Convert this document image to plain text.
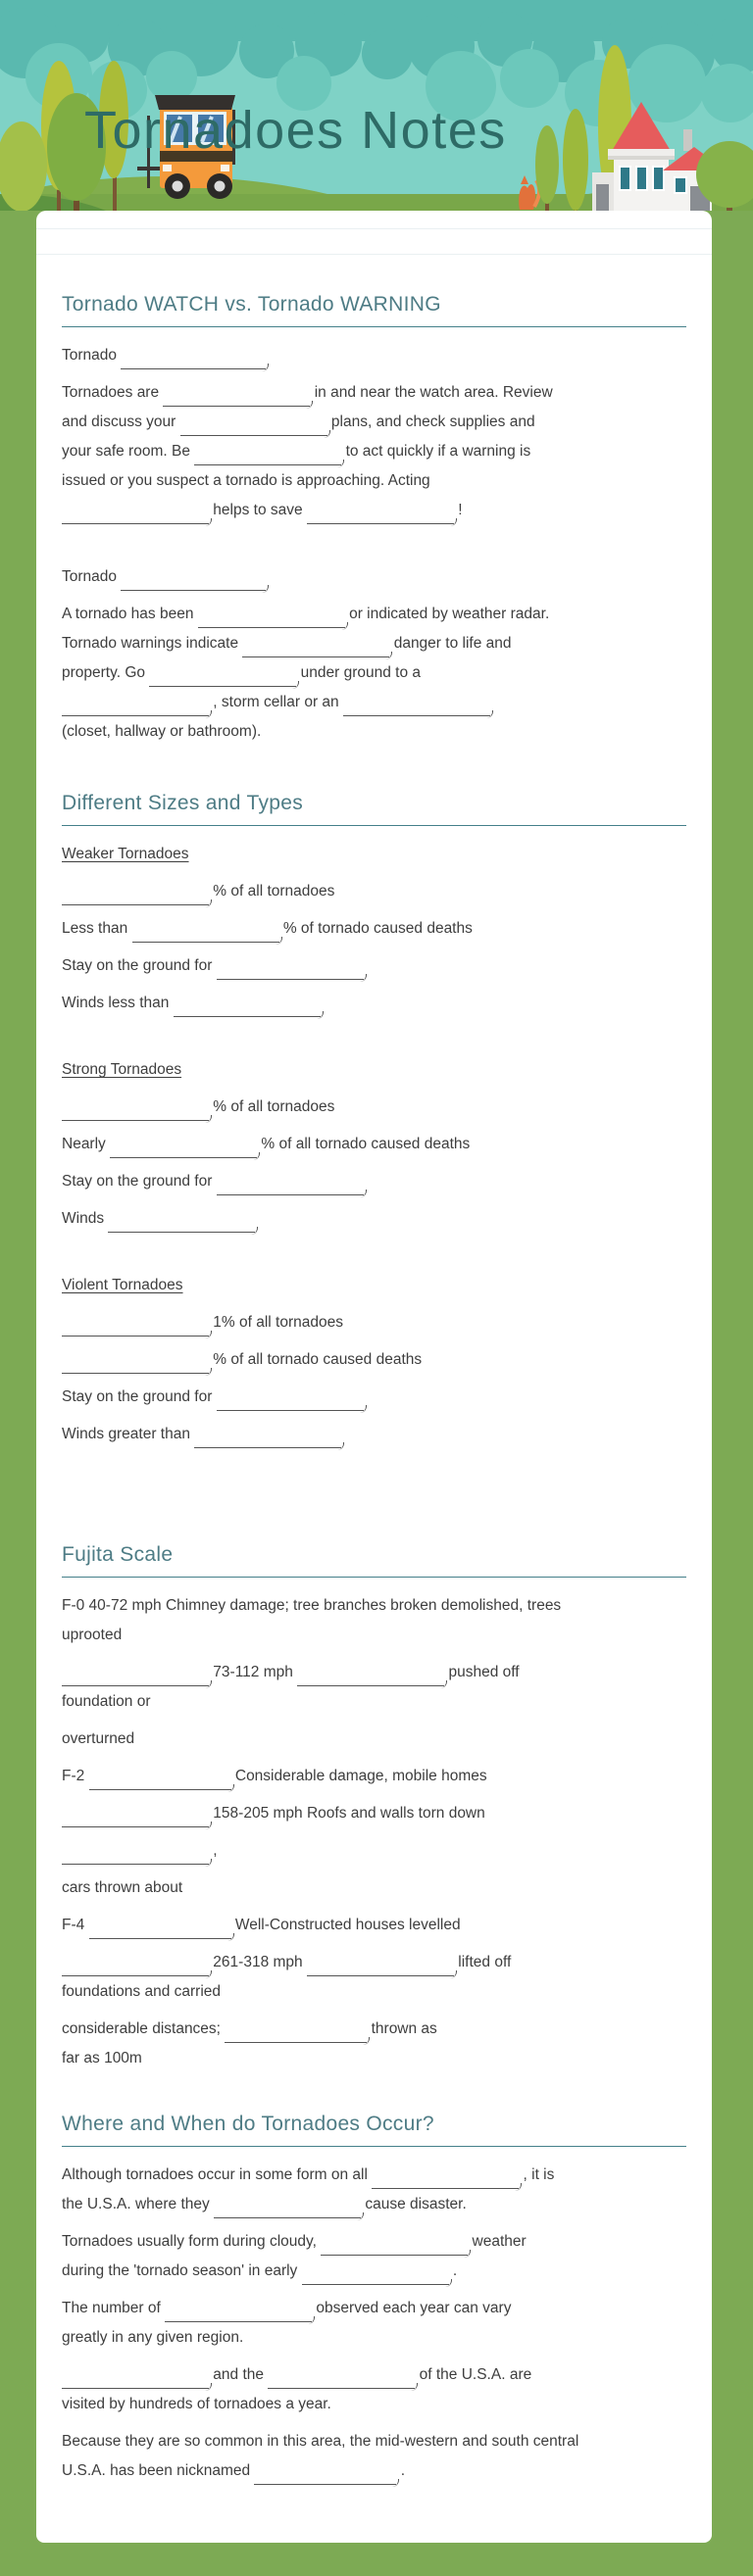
Tornadoes Notes
Tornado WATCH vs. Tornado WARNING
Tornado
Tornadoes are	in and near the watch area. Review
and discuss your	plans, and check supplies and
your safe room. Be	to act quickly if a warning is
issued or you suspect a tornado is approaching. Acting
helps to save	!
Tornado
A tornado has been	or indicated by weather radar.
Tornado warnings indicate	danger to life and
property. Go	under ground to a
, storm cellar or an
(closet, hallway or bathroom).
Different Sizes and Types
Weaker Tornadoes
% of all tornadoes
Less than	% of tornado caused deaths
Stay on the ground for
Winds less than
Strong Tornadoes
% of all tornadoes
Nearly	% of all tornado caused deaths
Stay on the ground for
Winds
Violent Tornadoes
1% of all tornadoes
% of all tornado caused deaths
Stay on the ground for
Winds greater than
Fujita Scale
F-0 40-72 mph Chimney damage; tree branches broken demolished, trees
uprooted
73-112 mph	pushed off
foundation or
overturned
F-2	Considerable damage, mobile homes
158-205 mph Roofs and walls torn down
,
cars thrown about
F-4	Well-Constructed houses levelled
261-318 mph	lifted off
foundations and carried
considerable distances;	thrown as
far as 100m
Where and When do Tornadoes Occur?
Although tornadoes occur in some form on all	, it is
the U.S.A. where they	cause disaster.
Tornadoes usually form during cloudy,	weather
during the 'tornado season' in early	.
The number of	observed each year can vary
greatly in any given region.
and the	of the U.S.A. are
visited by hundreds of tornadoes a year.
Because they are so common in this area, the mid-western and south central
U.S.A. has been nicknamed	.
